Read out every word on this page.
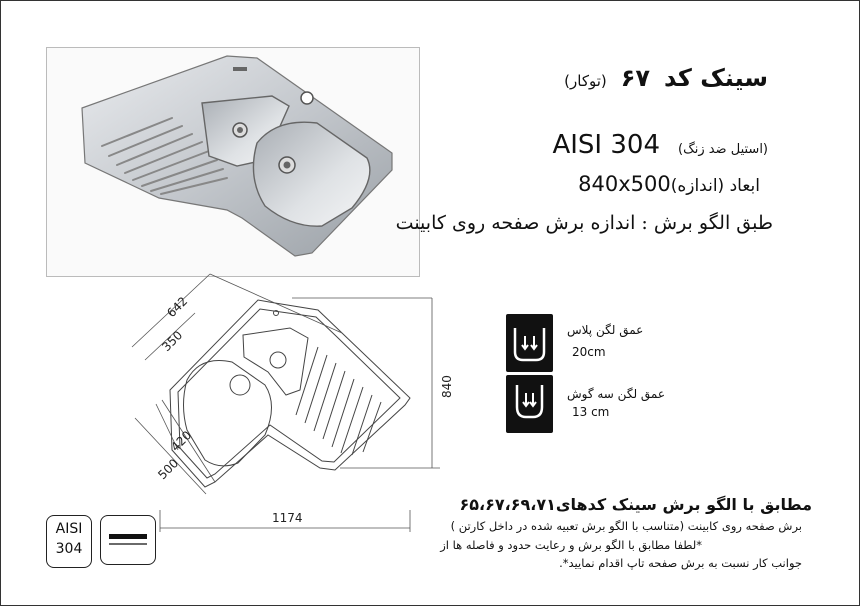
سینک کد۶۷(توکار)
(استیل ضد زنگ)AISI 304
ابعاد (اندازه)840x500
طبق الگو برش : اندازه برش صفحه روی کابینت
642
350
420
500
840
1174
عمق لگن پلاس
20cm
عمق لگن سه گوش
13 cm
مطابق با الگو برش سینک کدهای۶۵،۶۷،۶۹،۷۱
برش صفحه روی کابینت (متناسب با الگو برش تعبیه شده در داخل کارتن )
*لطفا مطابق با الگو برش و رعایت حدود و فاصله ها از
جوانب کار نسبت به برش صفحه تاپ اقدام نمایید*.
AISI
304
